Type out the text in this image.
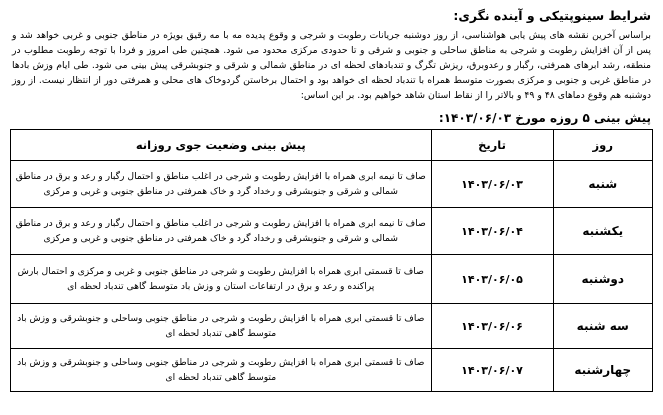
شرایط سینوپتیکی و آینده نگری:
براساس آخرین نقشه های پیش یابی هواشناسی، از روز دوشنبه جریانات رطوبت و شرجی و وقوع پدیده مه با مه رقیق بویژه در مناطق جنوبی و غربی خواهد شد و پس از آن افزایش رطوبت و شرجی به مناطق ساحلی و جنوبی و شرقی و تا حدودی مرکزی محدود می شود. همچنین طی امروز و فردا با توجه رطوبت مطلوب در منطقه، رشد ابرهای همرفتی، رگبار و رعدوبرق، ریزش تگرگ و تندبادهای لحظه ای در مناطق شمالی و شرقی و جنوبشرقی پیش بینی می شود. طی ایام وزش بادها در مناطق غربی و جنوبی و مرکزی بصورت متوسط همراه با تندباد لحظه ای خواهد بود و احتمال برخاستن گردوخاک های محلی و همرفتی دور از انتظار نیست. از روز دوشنبه هم وقوع دماهای ۴۸ و ۴۹ و بالاتر را از نقاط استان شاهد خواهیم بود. بر این اساس:
پیش بینی ۵ روزه مورخ ۱۴۰۳/۰۶/۰۳:
روز	تاریخ	پیش بینی وضعیت جوی روزانه
شنبه	۱۴۰۳/۰۶/۰۳	صاف تا نیمه ابری همراه با افزایش رطوبت و شرجی در اغلب مناطق و احتمال رگبار و رعد و برق در مناطق شمالی و شرقی و جنوبشرقی و رخداد گرد و خاک همرفتی در مناطق جنوبی و غربی و مرکزی
یکشنبه	۱۴۰۳/۰۶/۰۴	صاف تا نیمه ابری همراه با افزایش رطوبت و شرجی در اغلب مناطق و احتمال رگبار و رعد و برق در مناطق شمالی و شرقی و جنوبشرقی و رخداد گرد و خاک همرفتی در مناطق جنوبی و غربی و مرکزی
دوشنبه	۱۴۰۳/۰۶/۰۵	صاف تا قسمتی ابری همراه با افزایش رطوبت و شرجی در مناطق جنوبی و غربی و مرکزی و احتمال بارش پراکنده و رعد و برق در ارتفاعات استان و وزش باد متوسط گاهی تندباد لحظه ای
سه شنبه	۱۴۰۳/۰۶/۰۶	صاف تا قسمتی ابری همراه با افزایش رطوبت و شرجی در مناطق جنوبی وساحلی و جنوبشرقی و وزش باد متوسط گاهی تندباد لحظه ای
چهارشنبه	۱۴۰۳/۰۶/۰۷	صاف تا قسمتی ابری همراه با افزایش رطوبت و شرجی در مناطق جنوبی وساحلی و جنوبشرقی و وزش باد متوسط گاهی تندباد لحظه ای
